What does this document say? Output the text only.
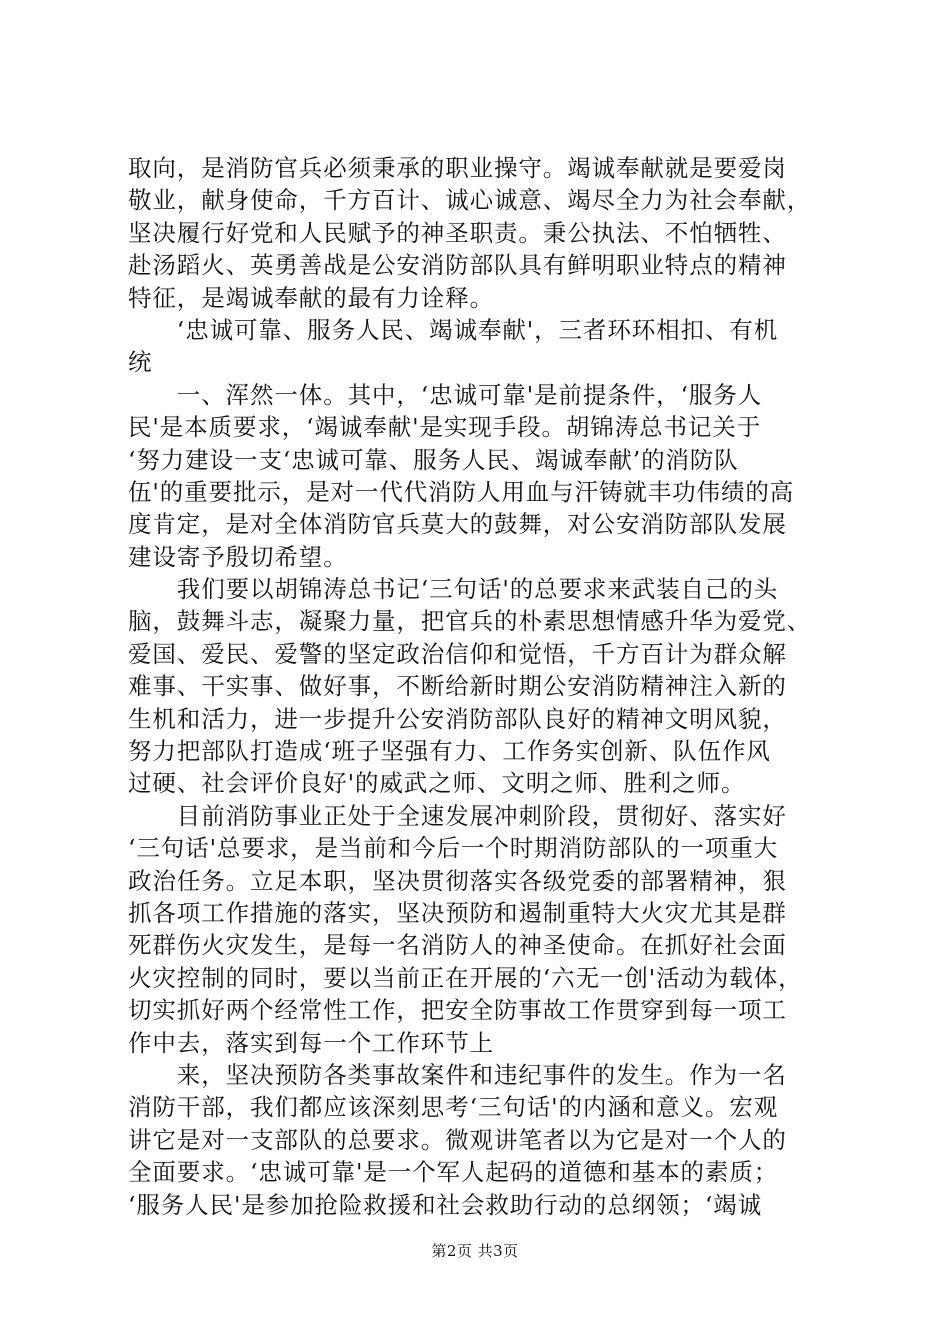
取向，是消防官兵必须秉承的职业操守。竭诚奉献就是要爱岗
敬业，献身使命，千方百计、诚心诚意、竭尽全力为社会奉献，
坚决履行好党和人民赋予的神圣职责。秉公执法、不怕牺牲、
赴汤蹈火、英勇善战是公安消防部队具有鲜明职业特点的精神
特征，是竭诚奉献的最有力诠释。
　　‘忠诚可靠、服务人民、竭诚奉献'，三者环环相扣、有机
统
　　一、浑然一体。其中，‘忠诚可靠'是前提条件，‘服务人
民'是本质要求，‘竭诚奉献'是实现手段。胡锦涛总书记关于
‘努力建设一支‘忠诚可靠、服务人民、竭诚奉献’的消防队
伍'的重要批示，是对一代代消防人用血与汗铸就丰功伟绩的高
度肯定，是对全体消防官兵莫大的鼓舞，对公安消防部队发展
建设寄予殷切希望。
　　我们要以胡锦涛总书记‘三句话'的总要求来武装自己的头
脑，鼓舞斗志，凝聚力量，把官兵的朴素思想情感升华为爱党、
爱国、爱民、爱警的坚定政治信仰和觉悟，千方百计为群众解
难事、干实事、做好事，不断给新时期公安消防精神注入新的
生机和活力，进一步提升公安消防部队良好的精神文明风貌，
努力把部队打造成‘班子坚强有力、工作务实创新、队伍作风
过硬、社会评价良好'的威武之师、文明之师、胜利之师。
　　目前消防事业正处于全速发展冲刺阶段，贯彻好、落实好
‘三句话'总要求，是当前和今后一个时期消防部队的一项重大
政治任务。立足本职，坚决贯彻落实各级党委的部署精神，狠
抓各项工作措施的落实，坚决预防和遏制重特大火灾尤其是群
死群伤火灾发生，是每一名消防人的神圣使命。在抓好社会面
火灾控制的同时，要以当前正在开展的‘六无一创'活动为载体，
切实抓好两个经常性工作，把安全防事故工作贯穿到每一项工
作中去，落实到每一个工作环节上
　　来，坚决预防各类事故案件和违纪事件的发生。作为一名
消防干部，我们都应该深刻思考‘三句话'的内涵和意义。宏观
讲它是对一支部队的总要求。微观讲笔者以为它是对一个人的
全面要求。‘忠诚可靠'是一个军人起码的道德和基本的素质；
‘服务人民'是参加抢险救援和社会救助行动的总纲领；‘竭诚
第2页 共3页
